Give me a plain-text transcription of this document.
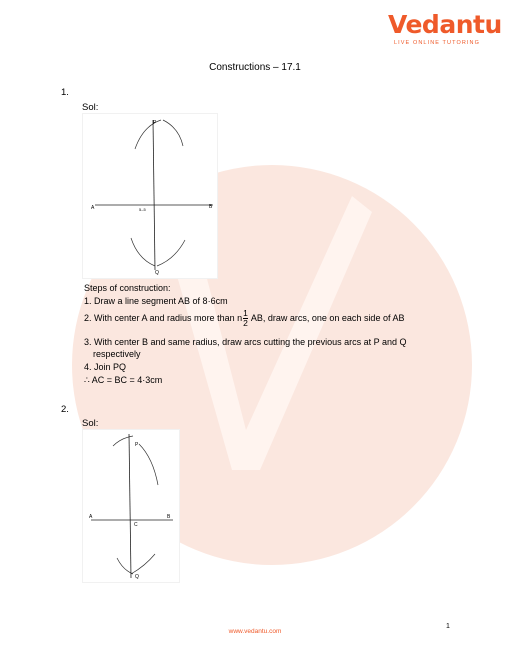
Vedantu
LIVE ONLINE TUTORING
Constructions – 17.1
1.
Sol:
P
A	B
5–5
Q
Steps of construction:
1. Draw a line segment AB of 8·6cm
2. With center A and radius more than n $\frac{1}{2}$ AB, draw arcs, one on each side of AB
3. With center B and same radius, draw arcs cutting the previous arcs at P and Q
respectively
4. Join PQ
∴ AC = BC = 4·3cm
2.
Sol:
P
A	B
C
Q
1
www.vedantu.com
